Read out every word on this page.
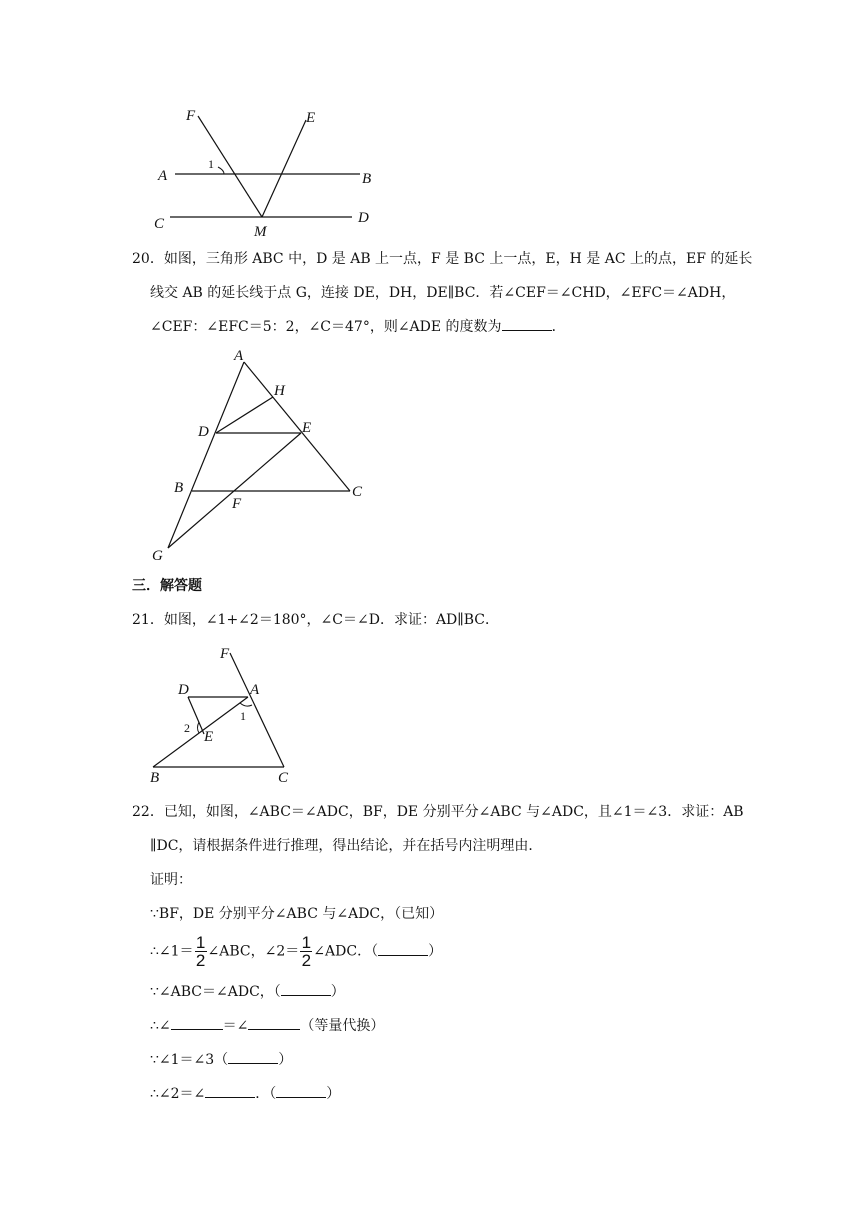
F	E
A	B
C	D
M
1
20．如图，三角形 ABC 中，D 是 AB 上一点，F 是 BC 上一点，E，H 是 AC 上的点，EF 的延长
线交 AB 的延长线于点 G，连接 DE，DH，DE∥BC．若∠CEF＝∠CHD，∠EFC＝∠ADH，
∠CEF：∠EFC＝5：2，∠C＝47°，则∠ADE 的度数为	．
A
H
D	E
B
F
C
G
三．解答题
21．如图，∠1+∠2＝180°，∠C＝∠D．求证：AD∥BC．
F
D	A
2
1
E
B	C
22．已知，如图，∠ABC＝∠ADC，BF，DE 分别平分∠ABC 与∠ADC，且∠1＝∠3．求证：AB
∥DC，请根据条件进行推理，得出结论，并在括号内注明理由．
证明：
∵BF，DE 分别平分∠ABC 与∠ADC，（已知）
∴∠1＝ $\frac{1}{2}$ ∠ABC，∠2＝ $\frac{1}{2}$ ∠ADC．（	）
∵∠ABC＝∠ADC，（	）
∴∠	＝∠	（等量代换）
∵∠1＝∠3（	）
∴∠2＝∠	．（	）
